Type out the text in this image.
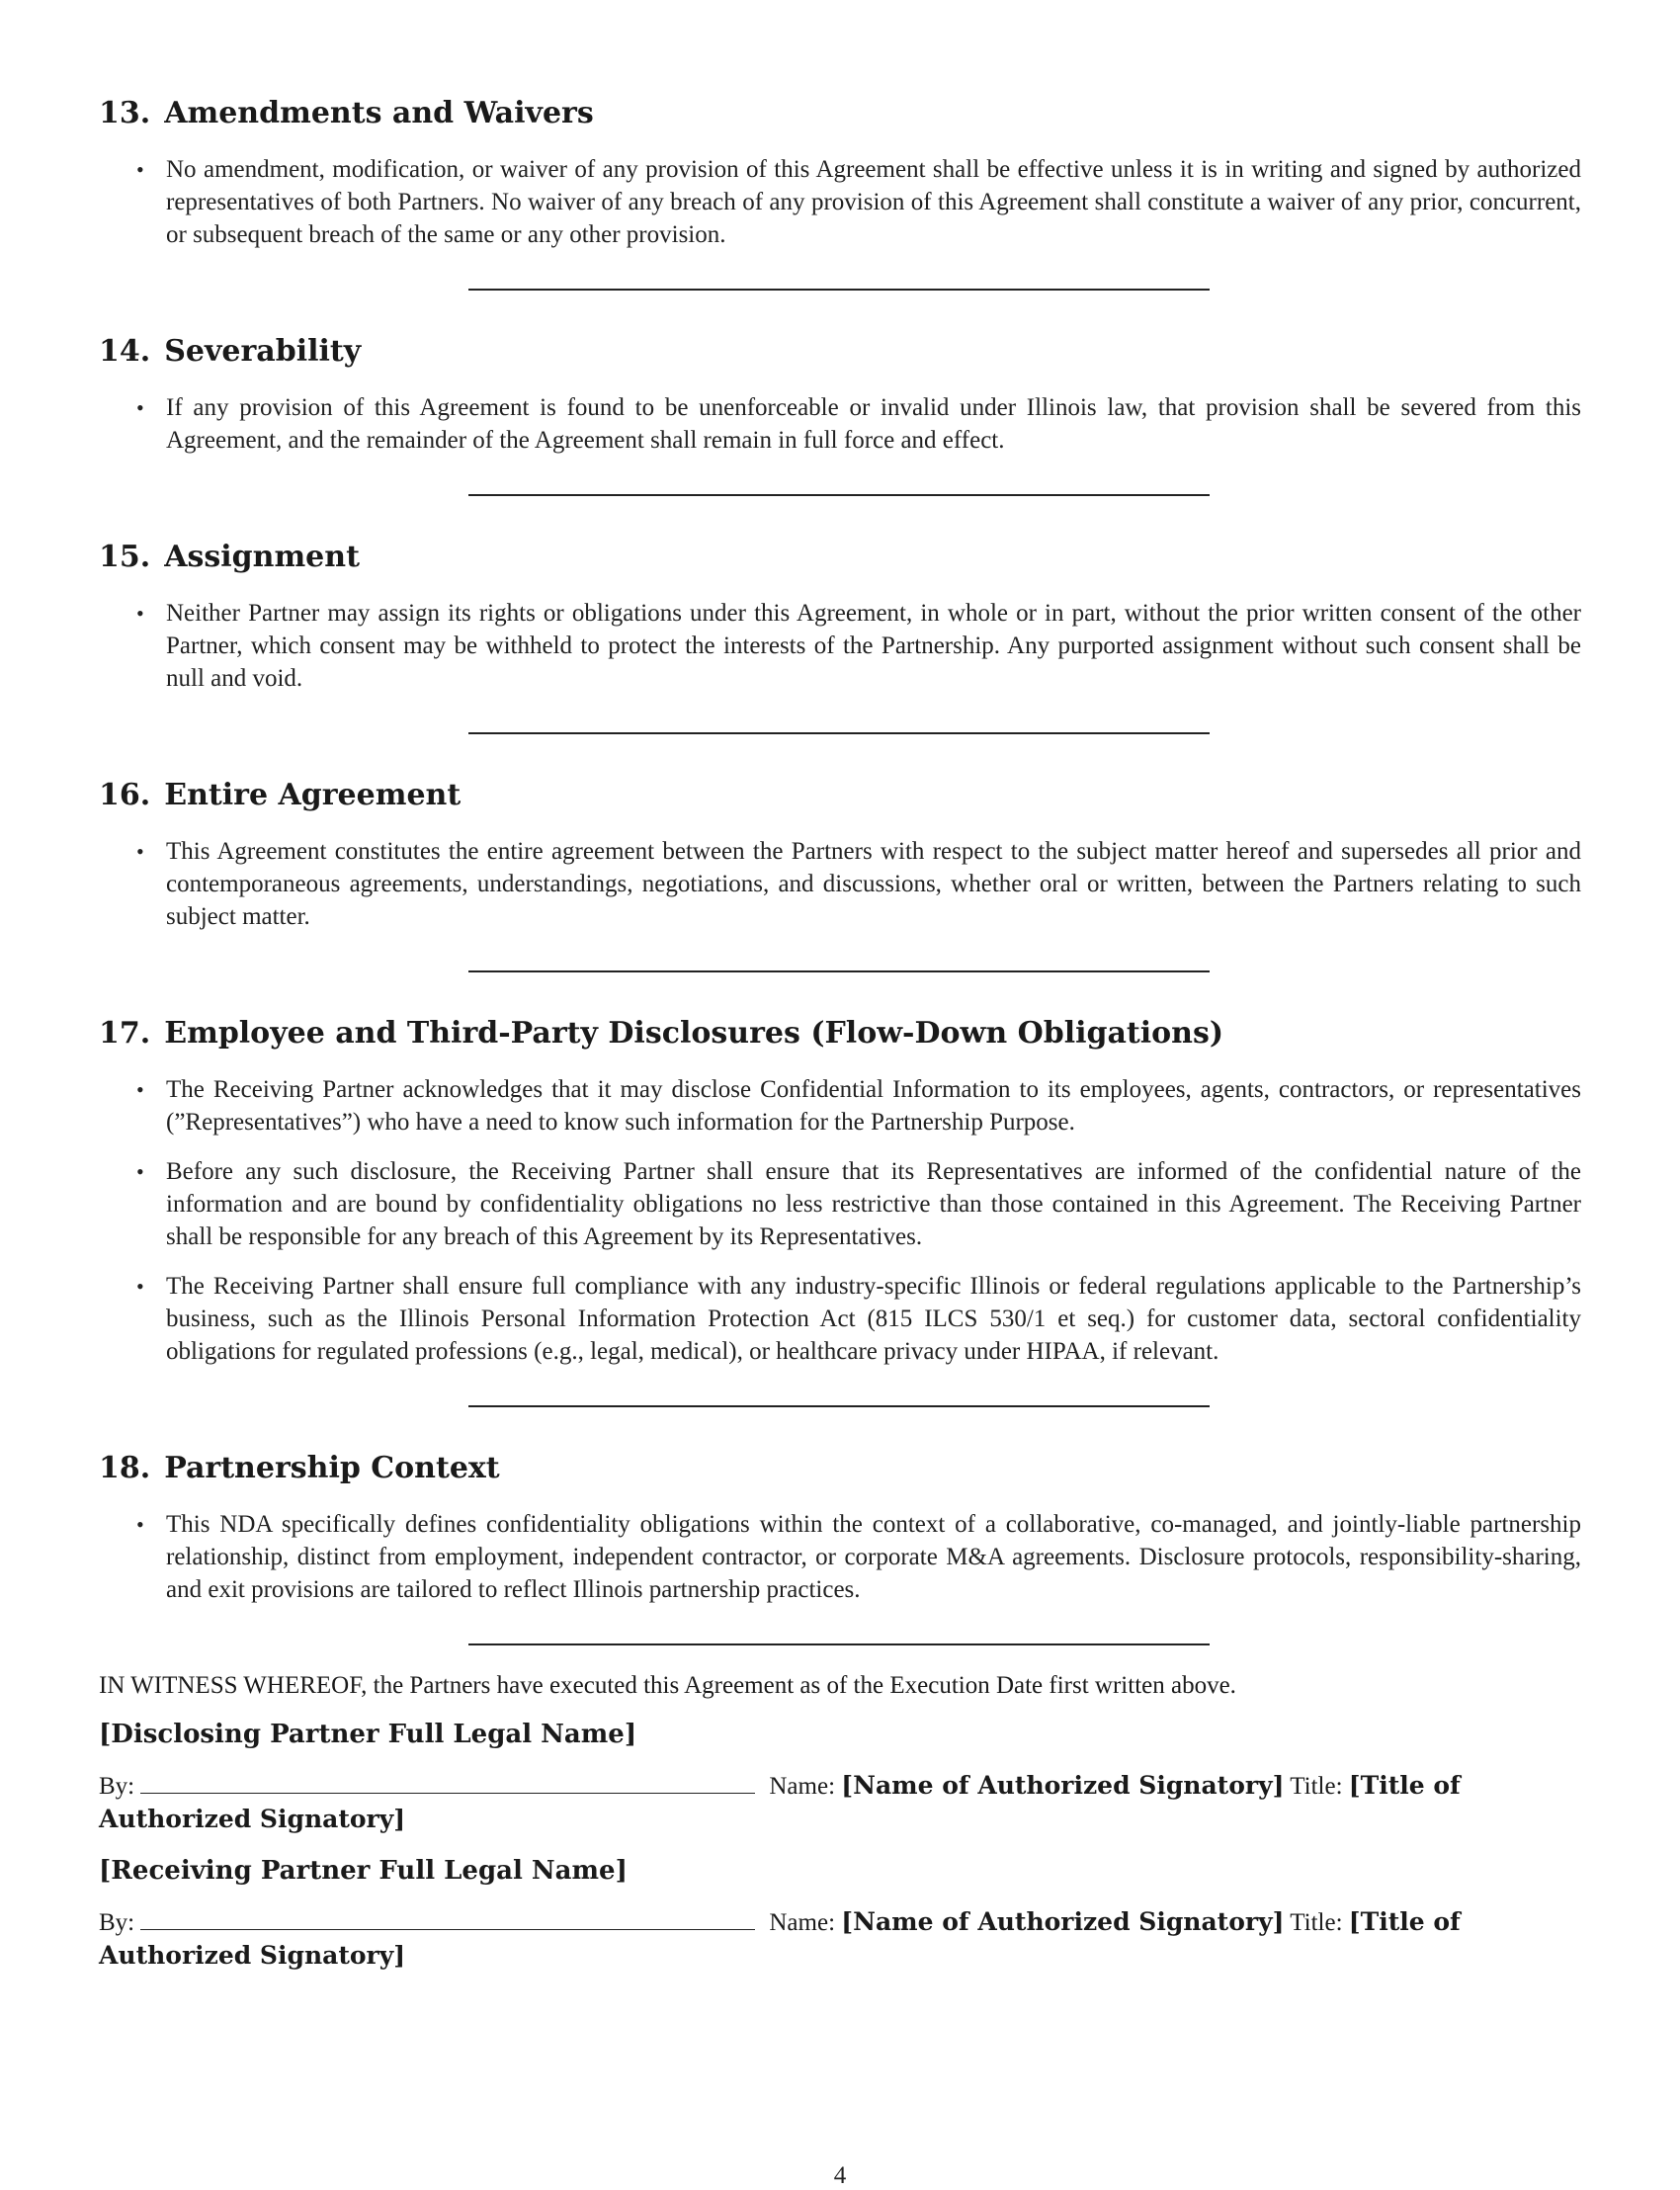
13. Amendments and Waivers
• No amendment, modification, or waiver of any provision of this Agreement shall be effective unless it is in writing and signed by authorized representatives of both Partners. No waiver of any breach of any provision of this Agreement shall constitute a waiver of any prior, concurrent, or subsequent breach of the same or any other provision.
14. Severability
• If any provision of this Agreement is found to be unenforceable or invalid under Illinois law, that provision shall be severed from this Agreement, and the remainder of the Agreement shall remain in full force and effect.
15. Assignment
• Neither Partner may assign its rights or obligations under this Agreement, in whole or in part, without the prior written consent of the other Partner, which consent may be withheld to protect the interests of the Partnership. Any purported assignment without such consent shall be null and void.
16. Entire Agreement
• This Agreement constitutes the entire agreement between the Partners with respect to the subject matter hereof and supersedes all prior and contemporaneous agreements, understandings, negotiations, and discussions, whether oral or written, between the Partners relating to such subject matter.
17. Employee and Third-Party Disclosures (Flow-Down Obligations)
• The Receiving Partner acknowledges that it may disclose Confidential Information to its employees, agents, contractors, or representatives (”Representatives”) who have a need to know such information for the Partnership Purpose.
• Before any such disclosure, the Receiving Partner shall ensure that its Representatives are informed of the confidential nature of the information and are bound by confidentiality obligations no less restrictive than those contained in this Agreement. The Receiving Partner shall be responsible for any breach of this Agreement by its Representatives.
• The Receiving Partner shall ensure full compliance with any industry-specific Illinois or federal regulations applicable to the Partnership’s business, such as the Illinois Personal Information Protection Act (815 ILCS 530/1 et seq.) for customer data, sectoral confidentiality obligations for regulated professions (e.g., legal, medical), or healthcare privacy under HIPAA, if relevant.
18. Partnership Context
• This NDA specifically defines confidentiality obligations within the context of a collaborative, co-managed, and jointly-liable partnership relationship, distinct from employment, independent contractor, or corporate M&A agreements. Disclosure protocols, responsibility-sharing, and exit provisions are tailored to reflect Illinois partnership practices.

IN WITNESS WHEREOF, the Partners have executed this Agreement as of the Execution Date first written above.

[Disclosing Partner Full Legal Name]

By:	Name: [Name of Authorized Signatory] Title: [Title of Authorized Signatory]

[Receiving Partner Full Legal Name]

By:	Name: [Name of Authorized Signatory] Title: [Title of Authorized Signatory]

4
